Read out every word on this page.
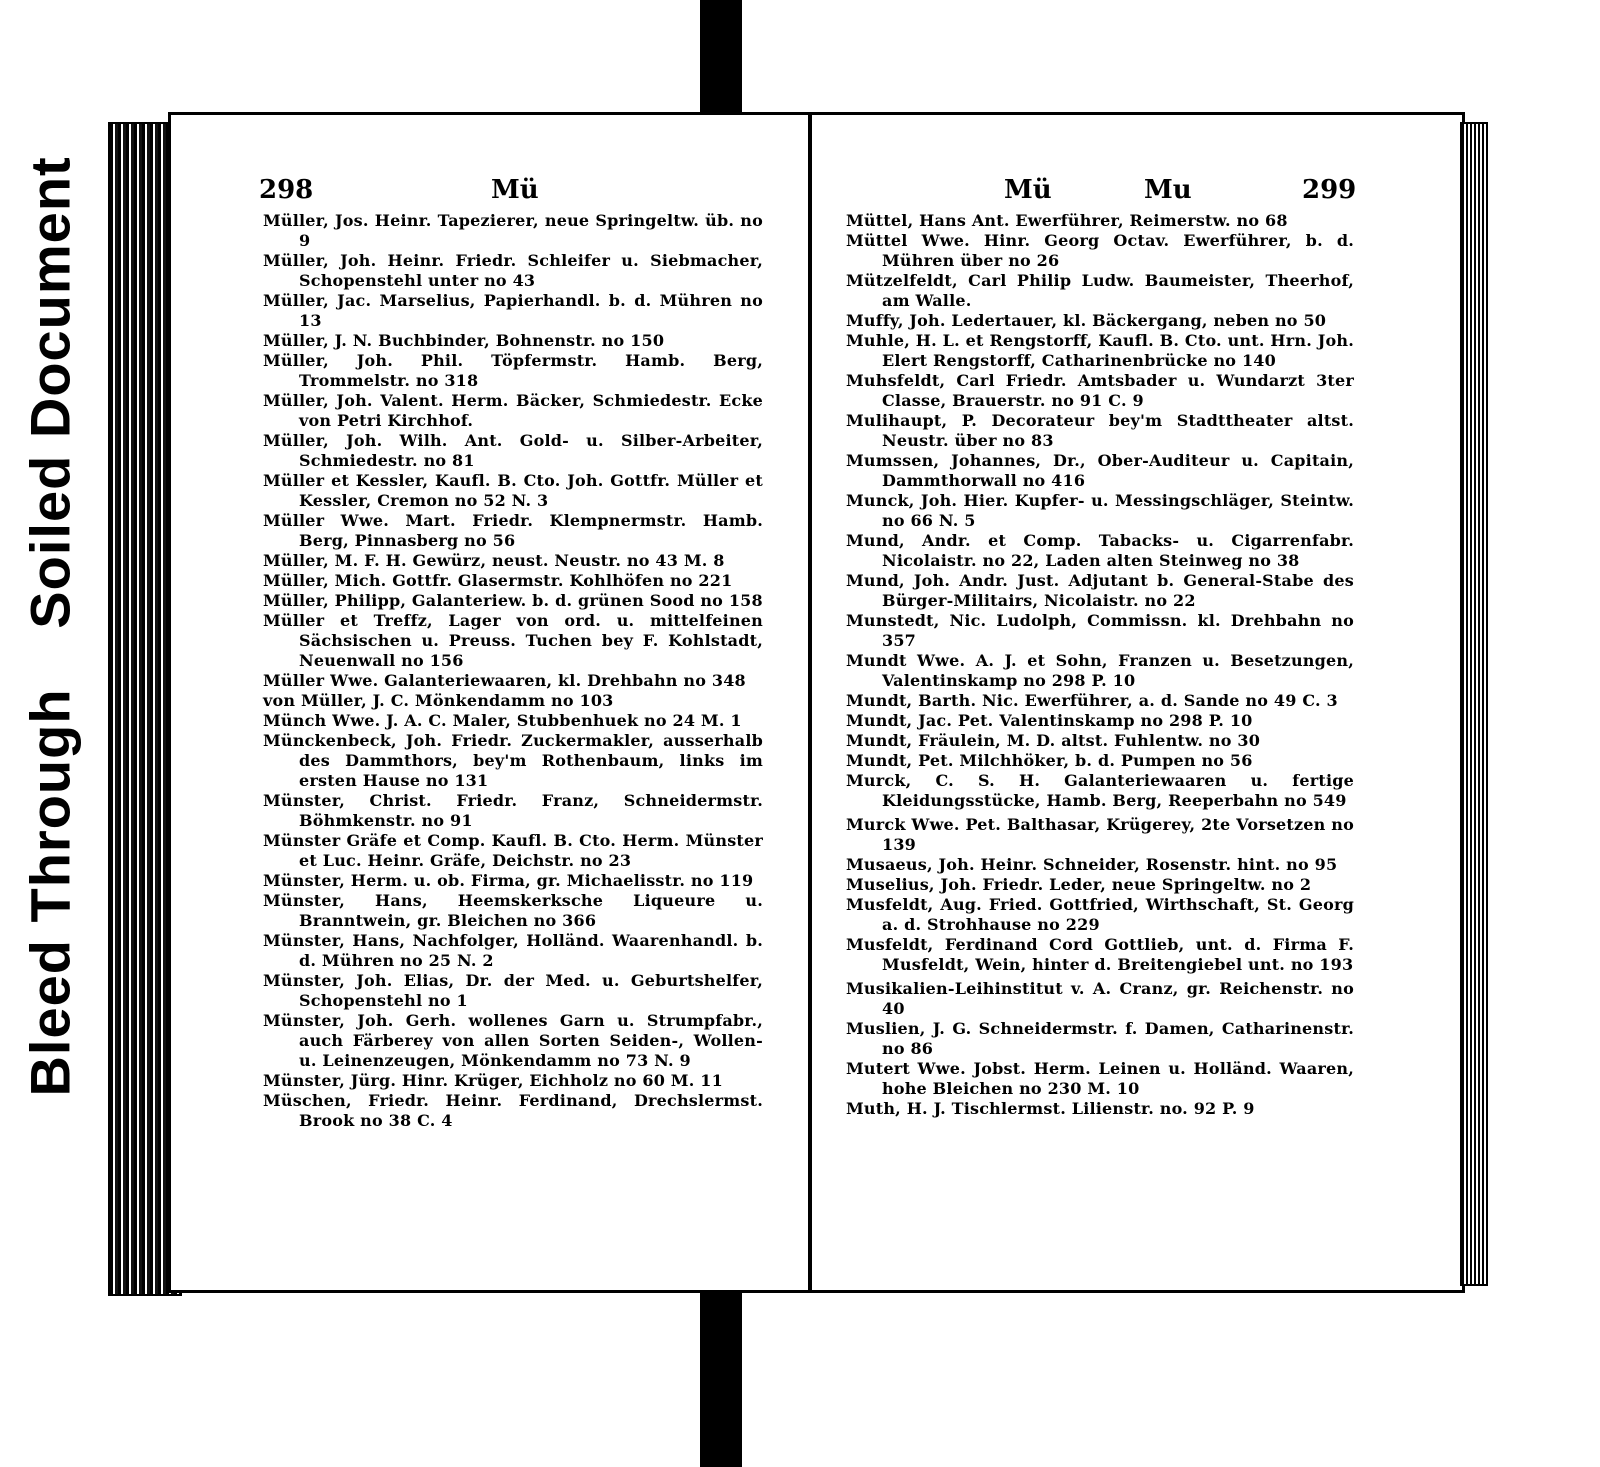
Bleed Through
Soiled Document	298	Mü

Müller, Jos. Heinr. Tapezierer, neue Springeltw. üb. no 9

Müller, Joh. Heinr. Friedr. Schleifer u. Siebmacher, Schopenstehl unter no 43

Müller, Jac. Marselius, Papierhandl. b. d. Mühren no 13

Müller, J. N. Buchbinder, Bohnenstr. no 150

Müller, Joh. Phil. Töpfermstr. Hamb. Berg, Trommelstr. no 318

Müller, Joh. Valent. Herm. Bäcker, Schmiedestr. Ecke von Petri Kirchhof.

Müller, Joh. Wilh. Ant. Gold- u. Silber-Arbeiter, Schmiedestr. no 81

Müller et Kessler, Kaufl. B. Cto. Joh. Gottfr. Müller et Kessler, Cremon no 52 N. 3

Müller Wwe. Mart. Friedr. Klempnermstr. Hamb. Berg, Pinnasberg no 56

Müller, M. F. H. Gewürz, neust. Neustr. no 43 M. 8

Müller, Mich. Gottfr. Glasermstr. Kohlhöfen no 221

Müller, Philipp, Galanteriew. b. d. grünen Sood no 158

Müller et Treffz, Lager von ord. u. mittelfeinen Sächsischen u. Preuss. Tuchen bey F. Kohlstadt, Neuenwall no 156

Müller Wwe. Galanteriewaaren, kl. Drehbahn no 348

von Müller, J. C. Mönkendamm no 103

Münch Wwe. J. A. C. Maler, Stubbenhuek no 24 M. 1

Münckenbeck, Joh. Friedr. Zuckermakler, ausserhalb des Dammthors, bey'm Rothenbaum, links im ersten Hause no 131

Münster, Christ. Friedr. Franz, Schneidermstr. Böhmkenstr. no 91

Münster Gräfe et Comp. Kaufl. B. Cto. Herm. Münster et Luc. Heinr. Gräfe, Deichstr. no 23

Münster, Herm. u. ob. Firma, gr. Michaelisstr. no 119

Münster, Hans, Heemskerksche Liqueure u. Branntwein, gr. Bleichen no 366

Münster, Hans, Nachfolger, Holländ. Waarenhandl. b. d. Mühren no 25 N. 2

Münster, Joh. Elias, Dr. der Med. u. Geburtshelfer, Schopenstehl no 1

Münster, Joh. Gerh. wollenes Garn u. Strumpfabr., auch Färberey von allen Sorten Seiden-, Wollen- u. Leinenzeugen, Mönkendamm no 73 N. 9

Münster, Jürg. Hinr. Krüger, Eichholz no 60 M. 11

Müschen, Friedr. Heinr. Ferdinand, Drechslermst. Brook no 38 C. 4

Mü	Mu	299

Müttel, Hans Ant. Ewerführer, Reimerstw. no 68

Müttel Wwe. Hinr. Georg Octav. Ewerführer, b. d. Mühren über no 26

Mützelfeldt, Carl Philip Ludw. Baumeister, Theerhof, am Walle.

Muffy, Joh. Ledertauer, kl. Bäckergang, neben no 50

Muhle, H. L. et Rengstorff, Kaufl. B. Cto. unt. Hrn. Joh. Elert Rengstorff, Catharinenbrücke no 140

Muhsfeldt, Carl Friedr. Amtsbader u. Wundarzt 3ter Classe, Brauerstr. no 91 C. 9

Mulihaupt, P. Decorateur bey'm Stadttheater altst. Neustr. über no 83

Mumssen, Johannes, Dr., Ober-Auditeur u. Capitain, Dammthorwall no 416

Munck, Joh. Hier. Kupfer- u. Messingschläger, Steintw. no 66 N. 5

Mund, Andr. et Comp. Tabacks- u. Cigarrenfabr. Nicolaistr. no 22, Laden alten Steinweg no 38

Mund, Joh. Andr. Just. Adjutant b. General-Stabe des Bürger-Militairs, Nicolaistr. no 22

Munstedt, Nic. Ludolph, Commissn. kl. Drehbahn no 357

Mundt Wwe. A. J. et Sohn, Franzen u. Besetzungen, Valentinskamp no 298 P. 10

Mundt, Barth. Nic. Ewerführer, a. d. Sande no 49 C. 3

Mundt, Jac. Pet. Valentinskamp no 298 P. 10

Mundt, Fräulein, M. D. altst. Fuhlentw. no 30

Mundt, Pet. Milchhöker, b. d. Pumpen no 56

Murck, C. S. H. Galanteriewaaren u. fertige Kleidungsstücke, Hamb. Berg, Reeperbahn no 549

Murck Wwe. Pet. Balthasar, Krügerey, 2te Vorsetzen no 139

Musaeus, Joh. Heinr. Schneider, Rosenstr. hint. no 95

Muselius, Joh. Friedr. Leder, neue Springeltw. no 2

Musfeldt, Aug. Fried. Gottfried, Wirthschaft, St. Georg a. d. Strohhause no 229

Musfeldt, Ferdinand Cord Gottlieb, unt. d. Firma F. Musfeldt, Wein, hinter d. Breitengiebel unt. no 193

Musikalien-Leihinstitut v. A. Cranz, gr. Reichenstr. no 40

Muslien, J. G. Schneidermstr. f. Damen, Catharinenstr. no 86

Mutert Wwe. Jobst. Herm. Leinen u. Holländ. Waaren, hohe Bleichen no 230 M. 10

Muth, H. J. Tischlermst. Lilienstr. no. 92 P. 9
